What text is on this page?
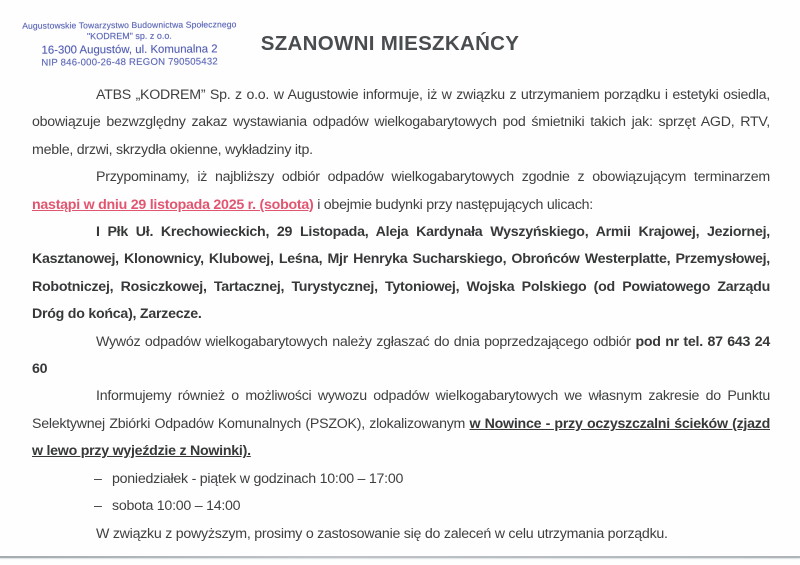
Augustowskie Towarzystwo Budownictwa Społecznego
"KODREM" sp. z o.o.
16-300 Augustów, ul. Komunalna 2
NIP 846-000-26-48 REGON 790505432
SZANOWNI MIESZKAŃCY

ATBS „KODREM” Sp. z o.o. w Augustowie informuje, iż w związku z utrzymaniem porządku i estetyki osiedla, obowiązuje bezwzględny zakaz wystawiania odpadów wielkogabarytowych pod śmietniki takich jak: sprzęt AGD, RTV, meble, drzwi, skrzydła okienne, wykładziny itp.

Przypominamy, iż najbliższy odbiór odpadów wielkogabarytowych zgodnie z obowiązującym terminarzem nastąpi w dniu 29 listopada 2025 r. (sobota) i obejmie budynki przy następujących ulicach:

I Płk Uł. Krechowieckich, 29 Listopada, Aleja Kardynała Wyszyńskiego, Armii Krajowej, Jeziornej, Kasztanowej, Klonownicy, Klubowej, Leśna, Mjr Henryka Sucharskiego, Obrońców Westerplatte, Przemysłowej, Robotniczej, Rosiczkowej, Tartacznej, Turystycznej, Tytoniowej, Wojska Polskiego (od Powiatowego Zarządu Dróg do końca), Zarzecze.

Wywóz odpadów wielkogabarytowych należy zgłaszać do dnia poprzedzającego odbiór pod nr tel. 87 643 24 60

Informujemy również o możliwości wywozu odpadów wielkogabarytowych we własnym zakresie do Punktu Selektywnej Zbiórki Odpadów Komunalnych (PSZOK), zlokalizowanym w Nowince - przy oczyszczalni ścieków (zjazd w lewo przy wyjeździe z Nowinki).

– poniedziałek - piątek w godzinach 10:00 – 17:00
– sobota 10:00 – 14:00

W związku z powyższym, prosimy o zastosowanie się do zaleceń w celu utrzymania porządku.
